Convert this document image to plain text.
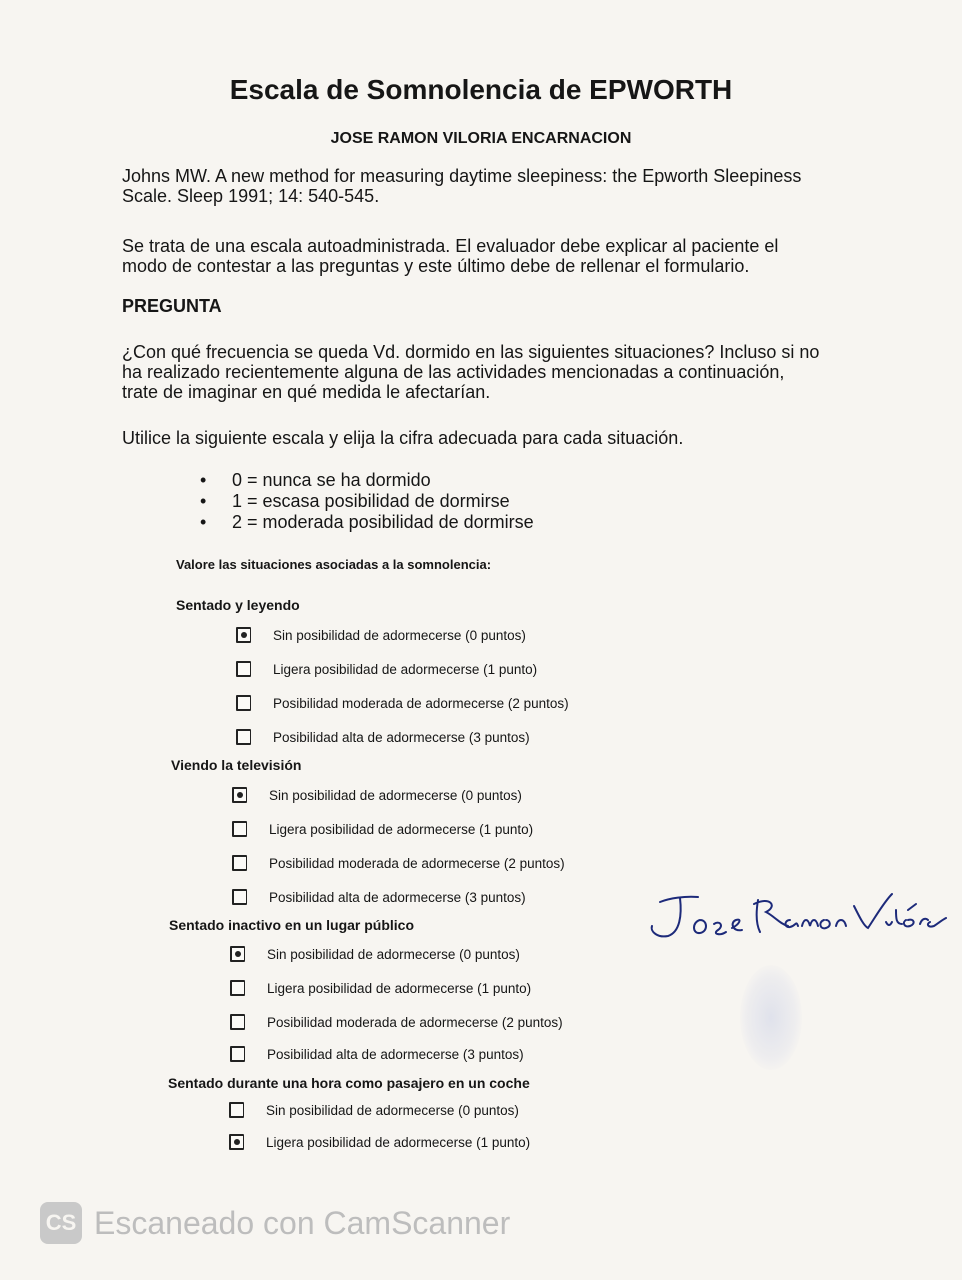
Escala de Somnolencia de EPWORTH
JOSE RAMON VILORIA ENCARNACION
Johns MW. A new method for measuring daytime sleepiness: the Epworth Sleepiness Scale. Sleep 1991; 14: 540-545.
Se trata de una escala autoadministrada. El evaluador debe explicar al paciente el modo de contestar a las preguntas y este último debe de rellenar el formulario.
PREGUNTA
¿Con qué frecuencia se queda Vd. dormido en las siguientes situaciones? Incluso si no ha realizado recientemente alguna de las actividades mencionadas a continuación, trate de imaginar en qué medida le afectarían.
Utilice la siguiente escala y elija la cifra adecuada para cada situación.
• 0 = nunca se ha dormido
• 1 = escasa posibilidad de dormirse
• 2 = moderada posibilidad de dormirse
Valore las situaciones asociadas a la somnolencia:
Sentado y leyendo
Sin posibilidad de adormecerse (0 puntos)
Ligera posibilidad de adormecerse (1 punto)
Posibilidad moderada de adormecerse (2 puntos)
Posibilidad alta de adormecerse (3 puntos)
Viendo la televisión
Sin posibilidad de adormecerse (0 puntos)
Ligera posibilidad de adormecerse (1 punto)
Posibilidad moderada de adormecerse (2 puntos)
Posibilidad alta de adormecerse (3 puntos)
Sentado inactivo en un lugar público
Sin posibilidad de adormecerse (0 puntos)
Ligera posibilidad de adormecerse (1 punto)
Posibilidad moderada de adormecerse (2 puntos)
Posibilidad alta de adormecerse (3 puntos)
Sentado durante una hora como pasajero en un coche
Sin posibilidad de adormecerse (0 puntos)
Ligera posibilidad de adormecerse (1 punto)
CS Escaneado con CamScanner
